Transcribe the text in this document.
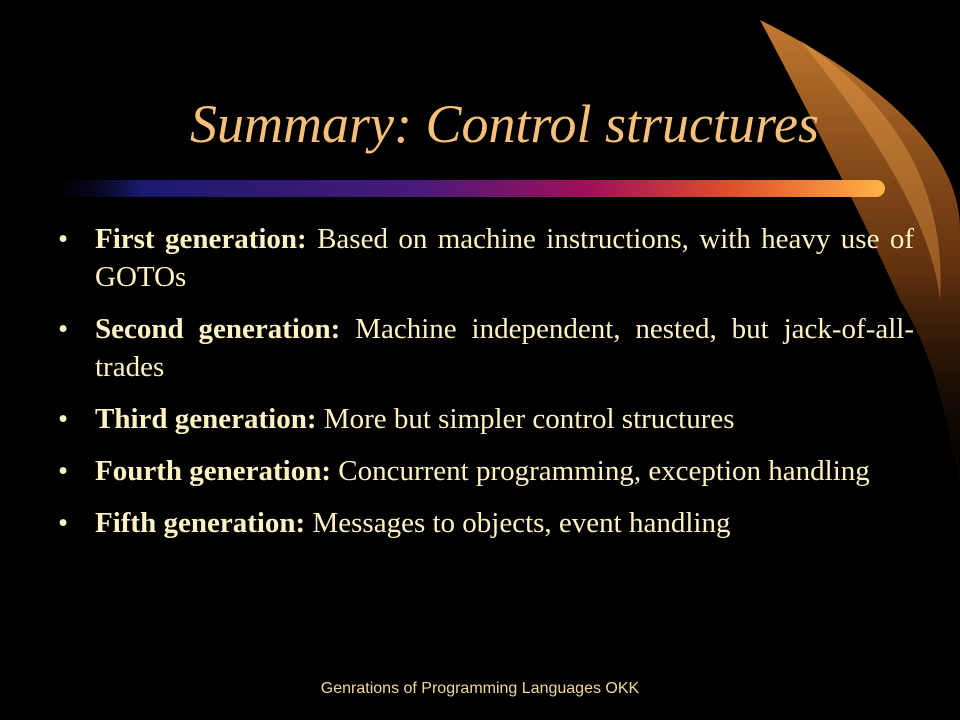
Summary: Control structures
• First generation: Based on machine instructions, with heavy use of GOTOs
• Second generation: Machine independent, nested, but jack-of-all-trades
• Third generation: More but simpler control structures
• Fourth generation: Concurrent programming, exception handling
• Fifth generation: Messages to objects, event handling
Genrations of Programming Languages OKK
